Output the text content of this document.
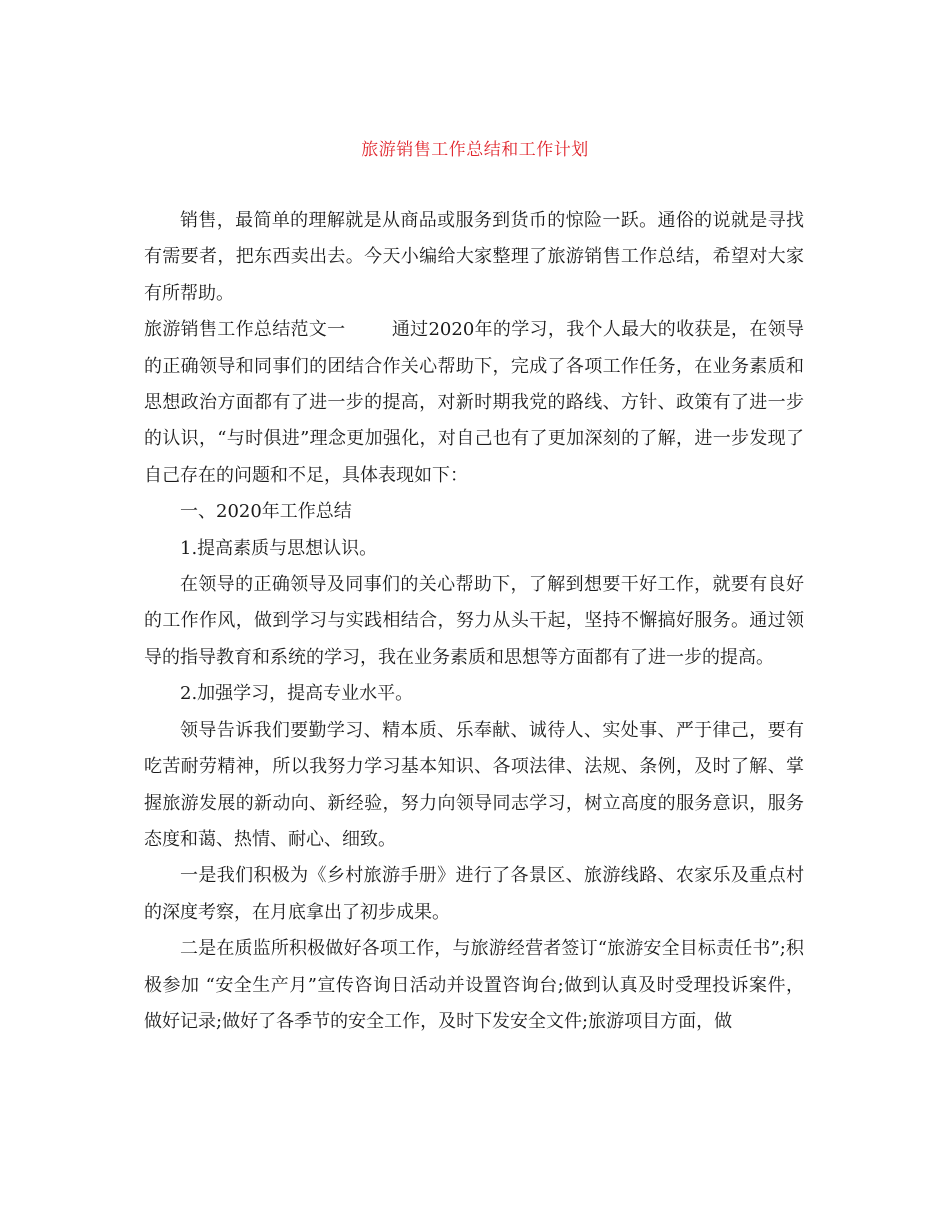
旅游销售工作总结和工作计划

销售，最简单的理解就是从商品或服务到货币的惊险一跃。通俗的说就是寻找有需要者，把东西卖出去。今天小编给大家整理了旅游销售工作总结，希望对大家有所帮助。

旅游销售工作总结范文一	通过2020年的学习，我个人最大的收获是，在领导的正确领导和同事们的团结合作关心帮助下，完成了各项工作任务，在业务素质和思想政治方面都有了进一步的提高，对新时期我党的路线、方针、政策有了进一步的认识，“与时俱进”理念更加强化，对自己也有了更加深刻的了解，进一步发现了自己存在的问题和不足，具体表现如下：

一、2020年工作总结

1.提高素质与思想认识。

在领导的正确领导及同事们的关心帮助下，了解到想要干好工作，就要有良好的工作作风，做到学习与实践相结合，努力从头干起，坚持不懈搞好服务。通过领导的指导教育和系统的学习，我在业务素质和思想等方面都有了进一步的提高。

2.加强学习，提高专业水平。

领导告诉我们要勤学习、精本质、乐奉献、诚待人、实处事、严于律己，要有吃苦耐劳精神，所以我努力学习基本知识、各项法律、法规、条例，及时了解、掌握旅游发展的新动向、新经验，努力向领导同志学习，树立高度的服务意识，服务态度和蔼、热情、耐心、细致。

一是我们积极为《乡村旅游手册》进行了各景区、旅游线路、农家乐及重点村的深度考察，在月底拿出了初步成果。

二是在质监所积极做好各项工作，与旅游经营者签订“旅游安全目标责任书”;积极参加 “安全生产月”宣传咨询日活动并设置咨询台;做到认真及时受理投诉案件，做好记录;做好了各季节的安全工作，及时下发安全文件;旅游项目方面，做
